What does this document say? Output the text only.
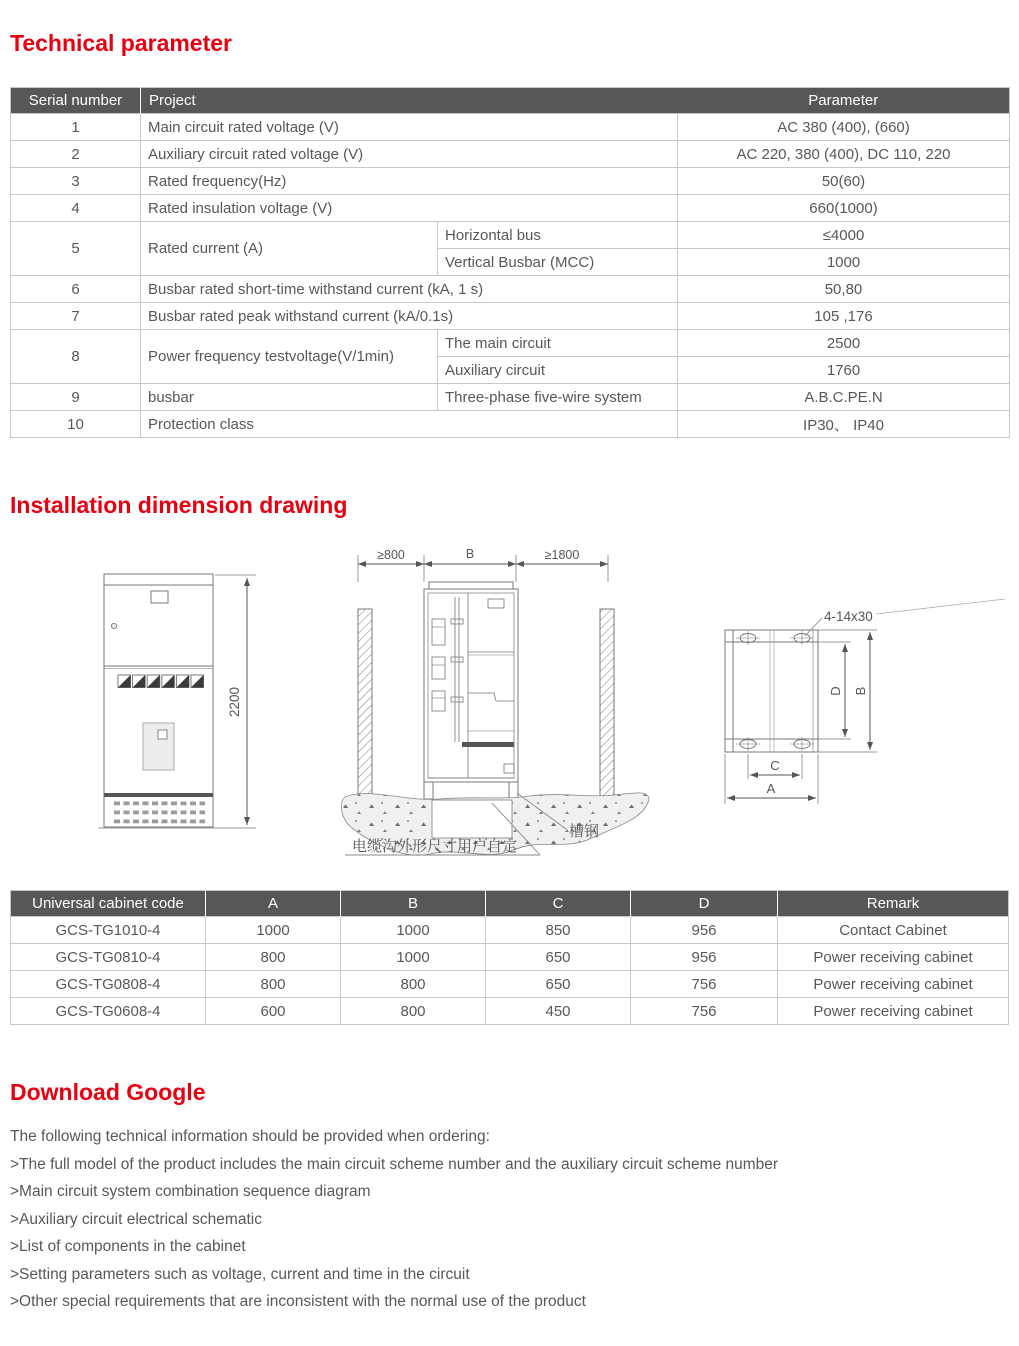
Technical parameter
Serial number	Project		Parameter
1	Main circuit rated voltage (V)		AC 380 (400), (660)
2	Auxiliary circuit rated voltage (V)		AC 220, 380 (400), DC 110, 220
3	Rated frequency(Hz)		50(60)
4	Rated insulation voltage (V)		660(1000)
5	Rated current (A)	Horizontal bus	≤4000
		Vertical Busbar (MCC)	1000
6	Busbar rated short-time withstand current (kA, 1 s)		50,80
7	Busbar rated peak withstand current (kA/0.1s)		105 ,176
8	Power frequency testvoltage(V/1min)	The main circuit	2500
		Auxiliary circuit	1760
9	busbar	Three-phase five-wire system	A.B.C.PE.N
10	Protection class		IP30、 IP40
Installation dimension drawing
2200
≥800	B	≥1800
电缆沟外形尺寸用户自定
槽钢
4-14x30
D B
C
A
Universal cabinet code	A	B	C	D	Remark
GCS-TG1010-4	1000	1000	850	956	Contact Cabinet
GCS-TG0810-4	800	1000	650	956	Power receiving cabinet
GCS-TG0808-4	800	800	650	756	Power receiving cabinet
GCS-TG0608-4	600	800	450	756	Power receiving cabinet
Download Google

The following technical information should be provided when ordering:

>The full model of the product includes the main circuit scheme number and the auxiliary circuit scheme number

>Main circuit system combination sequence diagram

>Auxiliary circuit electrical schematic

>List of components in the cabinet

>Setting parameters such as voltage, current and time in the circuit

>Other special requirements that are inconsistent with the normal use of the product
